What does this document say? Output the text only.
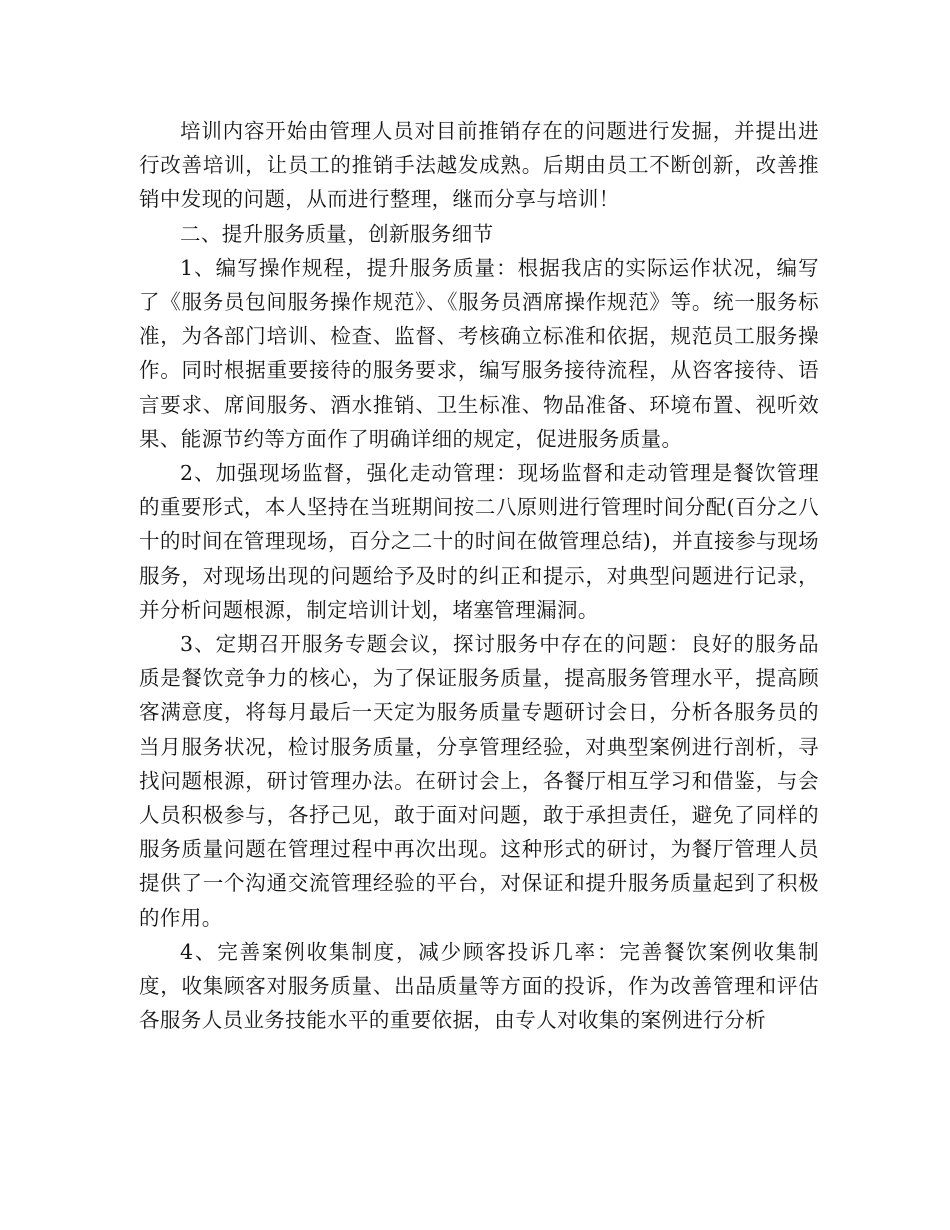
培训内容开始由管理人员对目前推销存在的问题进行发掘，并提出进行改善培训，让员工的推销手法越发成熟。后期由员工不断创新，改善推销中发现的问题，从而进行整理，继而分享与培训！

二、提升服务质量，创新服务细节

1、编写操作规程，提升服务质量：根据我店的实际运作状况，编写了《服务员包间服务操作规范》、《服务员酒席操作规范》等。统一服务标准，为各部门培训、检查、监督、考核确立标准和依据，规范员工服务操作。同时根据重要接待的服务要求，编写服务接待流程，从咨客接待、语言要求、席间服务、酒水推销、卫生标准、物品准备、环境布置、视听效果、能源节约等方面作了明确详细的规定，促进服务质量。

2、加强现场监督，强化走动管理：现场监督和走动管理是餐饮管理的重要形式，本人坚持在当班期间按二八原则进行管理时间分配(百分之八十的时间在管理现场，百分之二十的时间在做管理总结)，并直接参与现场服务，对现场出现的问题给予及时的纠正和提示，对典型问题进行记录，并分析问题根源，制定培训计划，堵塞管理漏洞。

3、定期召开服务专题会议，探讨服务中存在的问题：良好的服务品质是餐饮竞争力的核心，为了保证服务质量，提高服务管理水平，提高顾客满意度，将每月最后一天定为服务质量专题研讨会日，分析各服务员的当月服务状况，检讨服务质量，分享管理经验，对典型案例进行剖析，寻找问题根源，研讨管理办法。在研讨会上，各餐厅相互学习和借鉴，与会人员积极参与，各抒己见，敢于面对问题，敢于承担责任，避免了同样的服务质量问题在管理过程中再次出现。这种形式的研讨，为餐厅管理人员提供了一个沟通交流管理经验的平台，对保证和提升服务质量起到了积极的作用。

4、完善案例收集制度，减少顾客投诉几率：完善餐饮案例收集制度，收集顾客对服务质量、出品质量等方面的投诉，作为改善管理和评估各服务人员业务技能水平的重要依据，由专人对收集的案例进行分析
